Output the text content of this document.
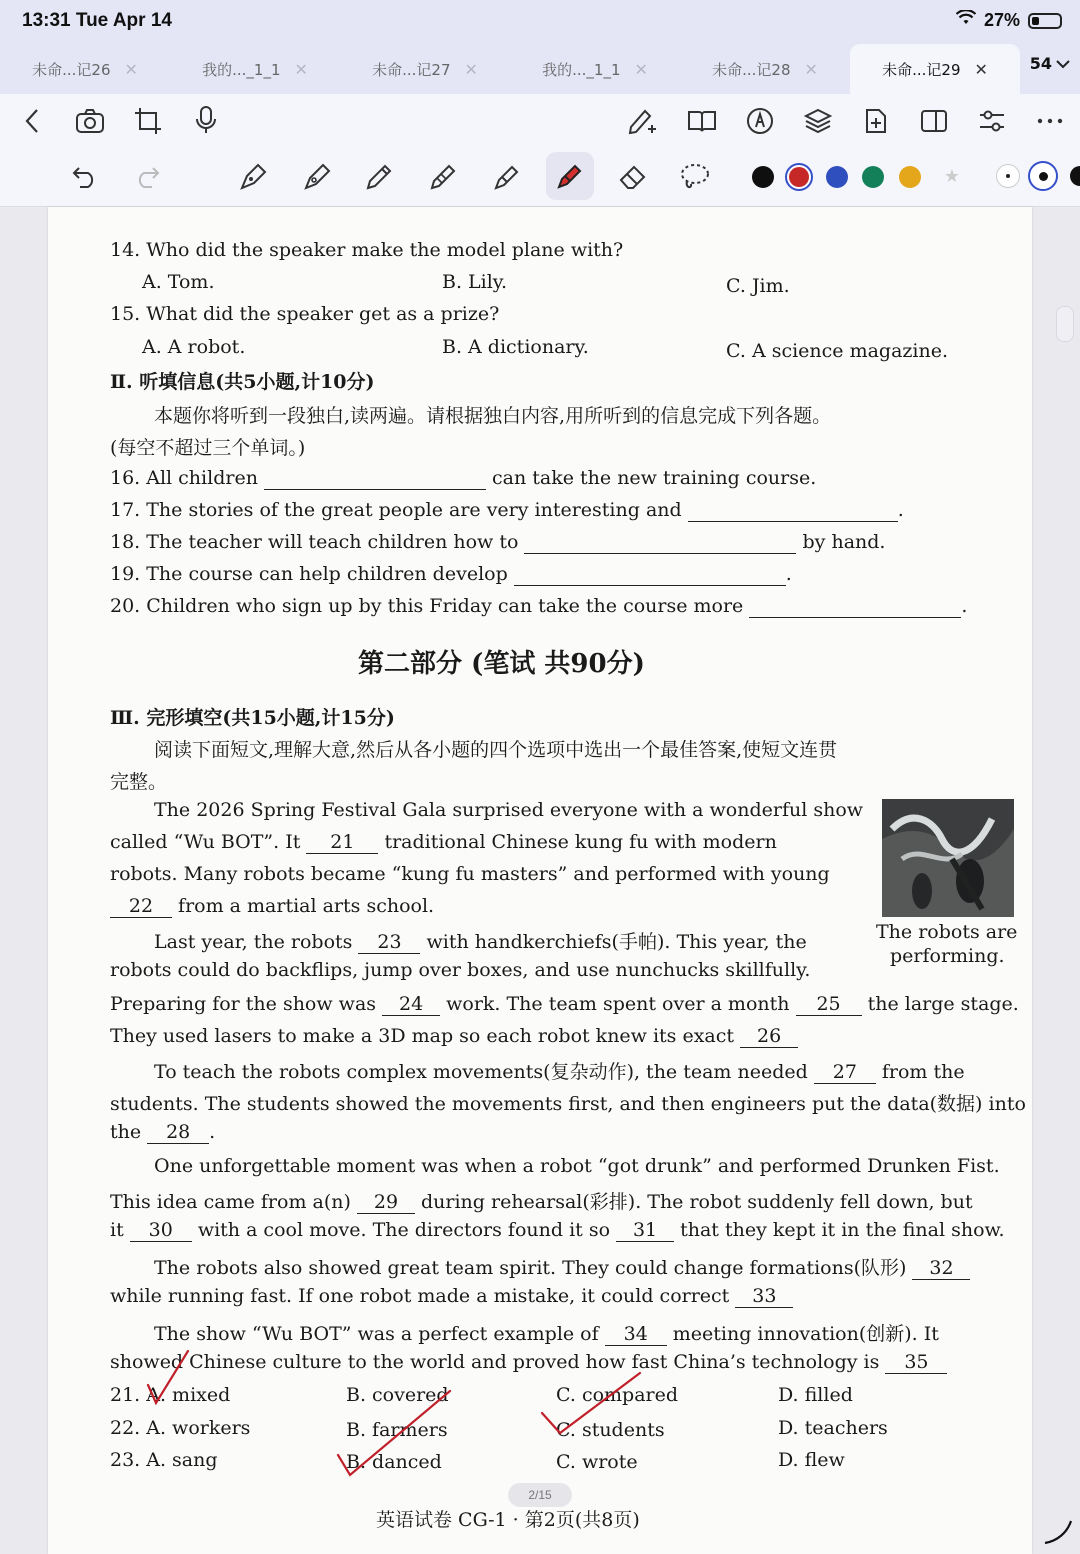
13:31 Tue Apr 14	27%
未命...记26 ✕	我的..._1_1 ✕	未命...记27 ✕	我的..._1_1 ✕	未命...记28 ✕	未命...记29 ✕	54
★
14. Who did the speaker make the model plane with?
A. Tom.	B. Lily.	C. Jim.
15. What did the speaker get as a prize?
A. A robot.	B. A dictionary.	C. A science magazine.
Ⅱ. 听填信息(共5小题,计10分)
本题你将听到一段独白,读两遍。请根据独白内容,用所听到的信息完成下列各题。
(每空不超过三个单词。)
16. All children	can take the new training course.
17. The stories of the great people are very interesting and	.
18. The teacher will teach children how to	by hand.
19. The course can help children develop	.
20. Children who sign up by this Friday can take the course more	.
第二部分 (笔试 共90分)
Ⅲ. 完形填空(共15小题,计15分)
阅读下面短文,理解大意,然后从各小题的四个选项中选出一个最佳答案,使短文连贯
完整。
The 2026 Spring Festival Gala surprised everyone with a wonderful show
called “Wu BOT”. It 21 traditional Chinese kung fu with modern
robots. Many robots became “kung fu masters” and performed with young
22 from a martial arts school.
Last year, the robots 23 with handkerchiefs(手帕). This year, the
robots could do backflips, jump over boxes, and use nunchucks skillfully.
The robots are
performing.
Preparing for the show was 24 work. The team spent over a month 25 the large stage.
They used lasers to make a 3D map so each robot knew its exact 26
To teach the robots complex movements(复杂动作), the team needed 27 from the
students. The students showed the movements first, and then engineers put the data(数据) into
the 28 .
One unforgettable moment was when a robot “got drunk” and performed Drunken Fist.
This idea came from a(n) 29 during rehearsal(彩排). The robot suddenly fell down, but
it 30 with a cool move. The directors found it so 31 that they kept it in the final show.
The robots also showed great team spirit. They could change formations(队形) 32
while running fast. If one robot made a mistake, it could correct 33
The show “Wu BOT” was a perfect example of 34 meeting innovation(创新). It
showed Chinese culture to the world and proved how fast China’s technology is 35
21. A. mixed	B. covered	C. compared	D. filled
22. A. workers	B. farmers	C. students	D. teachers
23. A. sang	B. danced	C. wrote	D. flew
英语试卷 CG-1 · 第2页(共8页)
2/15
